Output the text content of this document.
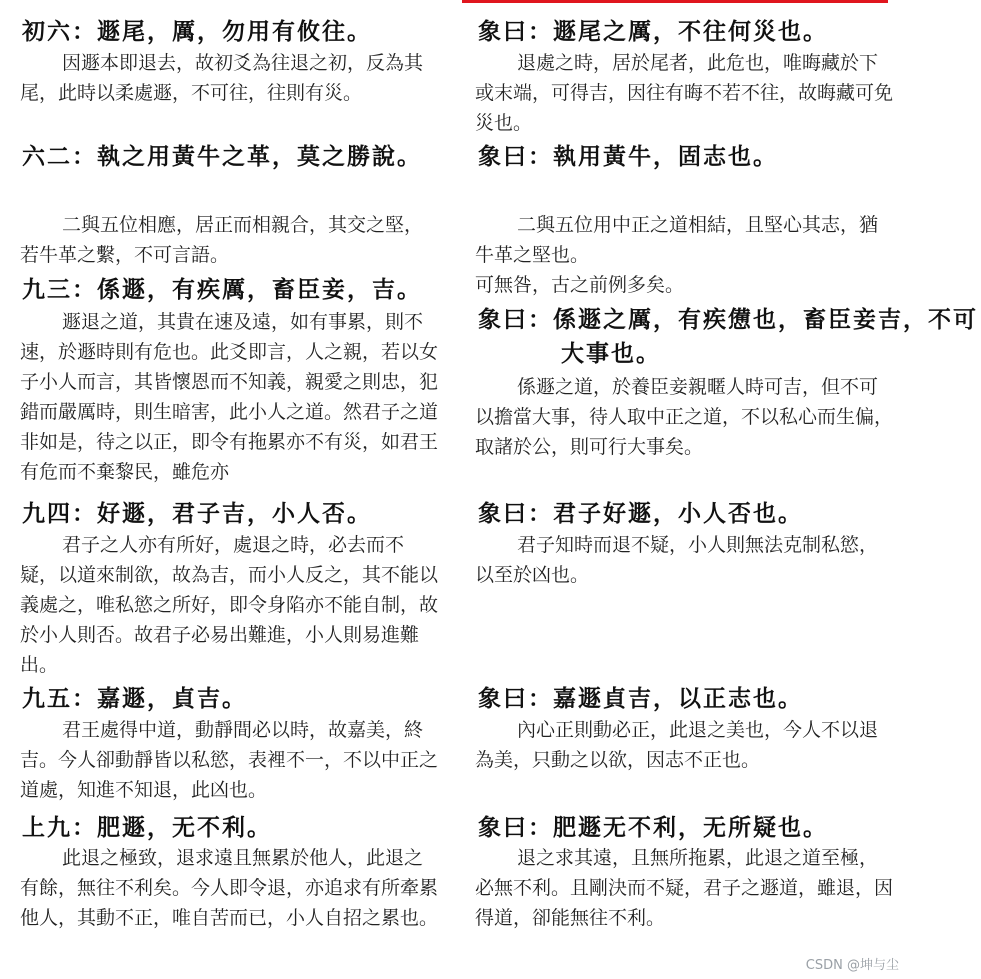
初六：遯尾，厲，勿用有攸往。

因遯本即退去，故初爻為往退之初，反為其尾，此時以柔處遯，不可往，往則有災。

六二：執之用黃牛之革，莫之勝說。

二與五位相應，居正而相親合，其交之堅，若牛革之繫，不可言語。

九三：係遯，有疾厲，畜臣妾，吉。

遯退之道，其貴在速及遠，如有事累，則不速，於遯時則有危也。此爻即言，人之親，若以女子小人而言，其皆懷恩而不知義，親愛之則忠，犯錯而嚴厲時，則生暗害，此小人之道。然君子之道非如是，待之以正，即令有拖累亦不有災，如君王有危而不棄黎民，雖危亦

九四：好遯，君子吉，小人否。

君子之人亦有所好，處退之時，必去而不疑，以道來制欲，故為吉，而小人反之，其不能以義處之，唯私慾之所好，即令身陷亦不能自制，故於小人則否。故君子必易出難進，小人則易進難出。

九五：嘉遯，貞吉。

君王處得中道，動靜間必以時，故嘉美，終吉。今人卻動靜皆以私慾，表裡不一，不以中正之道處，知進不知退，此凶也。

上九：肥遯，无不利。

此退之極致，退求遠且無累於他人，此退之有餘，無往不利矣。今人即令退，亦追求有所牽累他人，其動不正，唯自苦而已，小人自招之累也。

象曰：遯尾之厲，不往何災也。

退處之時，居於尾者，此危也，唯晦藏於下或末端，可得吉，因往有晦不若不往，故晦藏可免災也。

象曰：執用黃牛，固志也。

二與五位用中正之道相結，且堅心其志，猶牛革之堅也。

可無咎，古之前例多矣。

象曰：係遯之厲，有疾憊也，畜臣妾吉，不可大事也。

係遯之道，於養臣妾親暱人時可吉，但不可以擔當大事，待人取中正之道，不以私心而生偏，取諸於公，則可行大事矣。

象曰：君子好遯，小人否也。

君子知時而退不疑，小人則無法克制私慾，以至於凶也。

象曰：嘉遯貞吉，以正志也。

內心正則動必正，此退之美也，今人不以退為美，只動之以欲，因志不正也。

象曰：肥遯无不利，无所疑也。

退之求其遠，且無所拖累，此退之道至極，必無不利。且剛決而不疑，君子之遯道，雖退，因得道，卻能無往不利。

CSDN @坤与尘
